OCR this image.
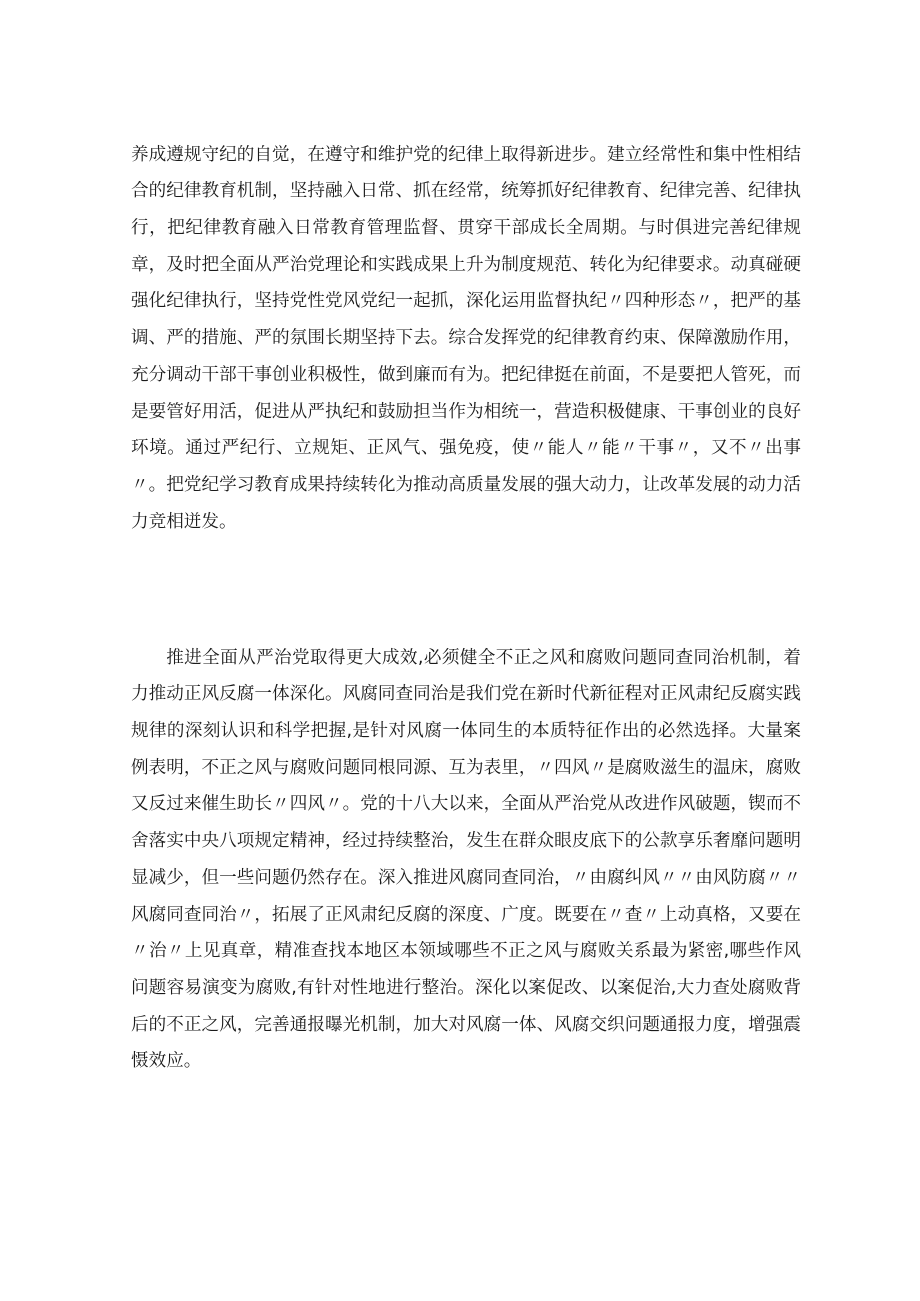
养成遵规守纪的自觉，在遵守和维护党的纪律上取得新进步。建立经常性和集中性相结合的纪律教育机制，坚持融入日常、抓在经常，统筹抓好纪律教育、纪律完善、纪律执行，把纪律教育融入日常教育管理监督、贯穿干部成长全周期。与时俱进完善纪律规章，及时把全面从严治党理论和实践成果上升为制度规范、转化为纪律要求。动真碰硬强化纪律执行，坚持党性党风党纪一起抓，深化运用监督执纪〃四种形态〃，把严的基调、严的措施、严的氛围长期坚持下去。综合发挥党的纪律教育约束、保障激励作用，充分调动干部干事创业积极性，做到廉而有为。把纪律挺在前面，不是要把人管死，而是要管好用活，促进从严执纪和鼓励担当作为相统一，营造积极健康、干事创业的良好环境。通过严纪行、立规矩、正风气、强免疫，使〃能人〃能〃干事〃，又不〃出事〃。把党纪学习教育成果持续转化为推动高质量发展的强大动力，让改革发展的动力活力竞相迸发。

推进全面从严治党取得更大成效,必须健全不正之风和腐败问题同查同治机制，着力推动正风反腐一体深化。风腐同查同治是我们党在新时代新征程对正风肃纪反腐实践规律的深刻认识和科学把握,是针对风腐一体同生的本质特征作出的必然选择。大量案例表明，不正之风与腐败问题同根同源、互为表里，〃四风〃是腐败滋生的温床，腐败又反过来催生助长〃四风〃。党的十八大以来，全面从严治党从改进作风破题，锲而不舍落实中央八项规定精神，经过持续整治，发生在群众眼皮底下的公款享乐奢靡问题明显减少，但一些问题仍然存在。深入推进风腐同查同治，〃由腐纠风〃〃由风防腐〃〃风腐同查同治〃，拓展了正风肃纪反腐的深度、广度。既要在〃查〃上动真格，又要在〃治〃上见真章，精准查找本地区本领域哪些不正之风与腐败关系最为紧密,哪些作风问题容易演变为腐败,有针对性地进行整治。深化以案促改、以案促治,大力查处腐败背后的不正之风，完善通报曝光机制，加大对风腐一体、风腐交织问题通报力度，增强震慑效应。
